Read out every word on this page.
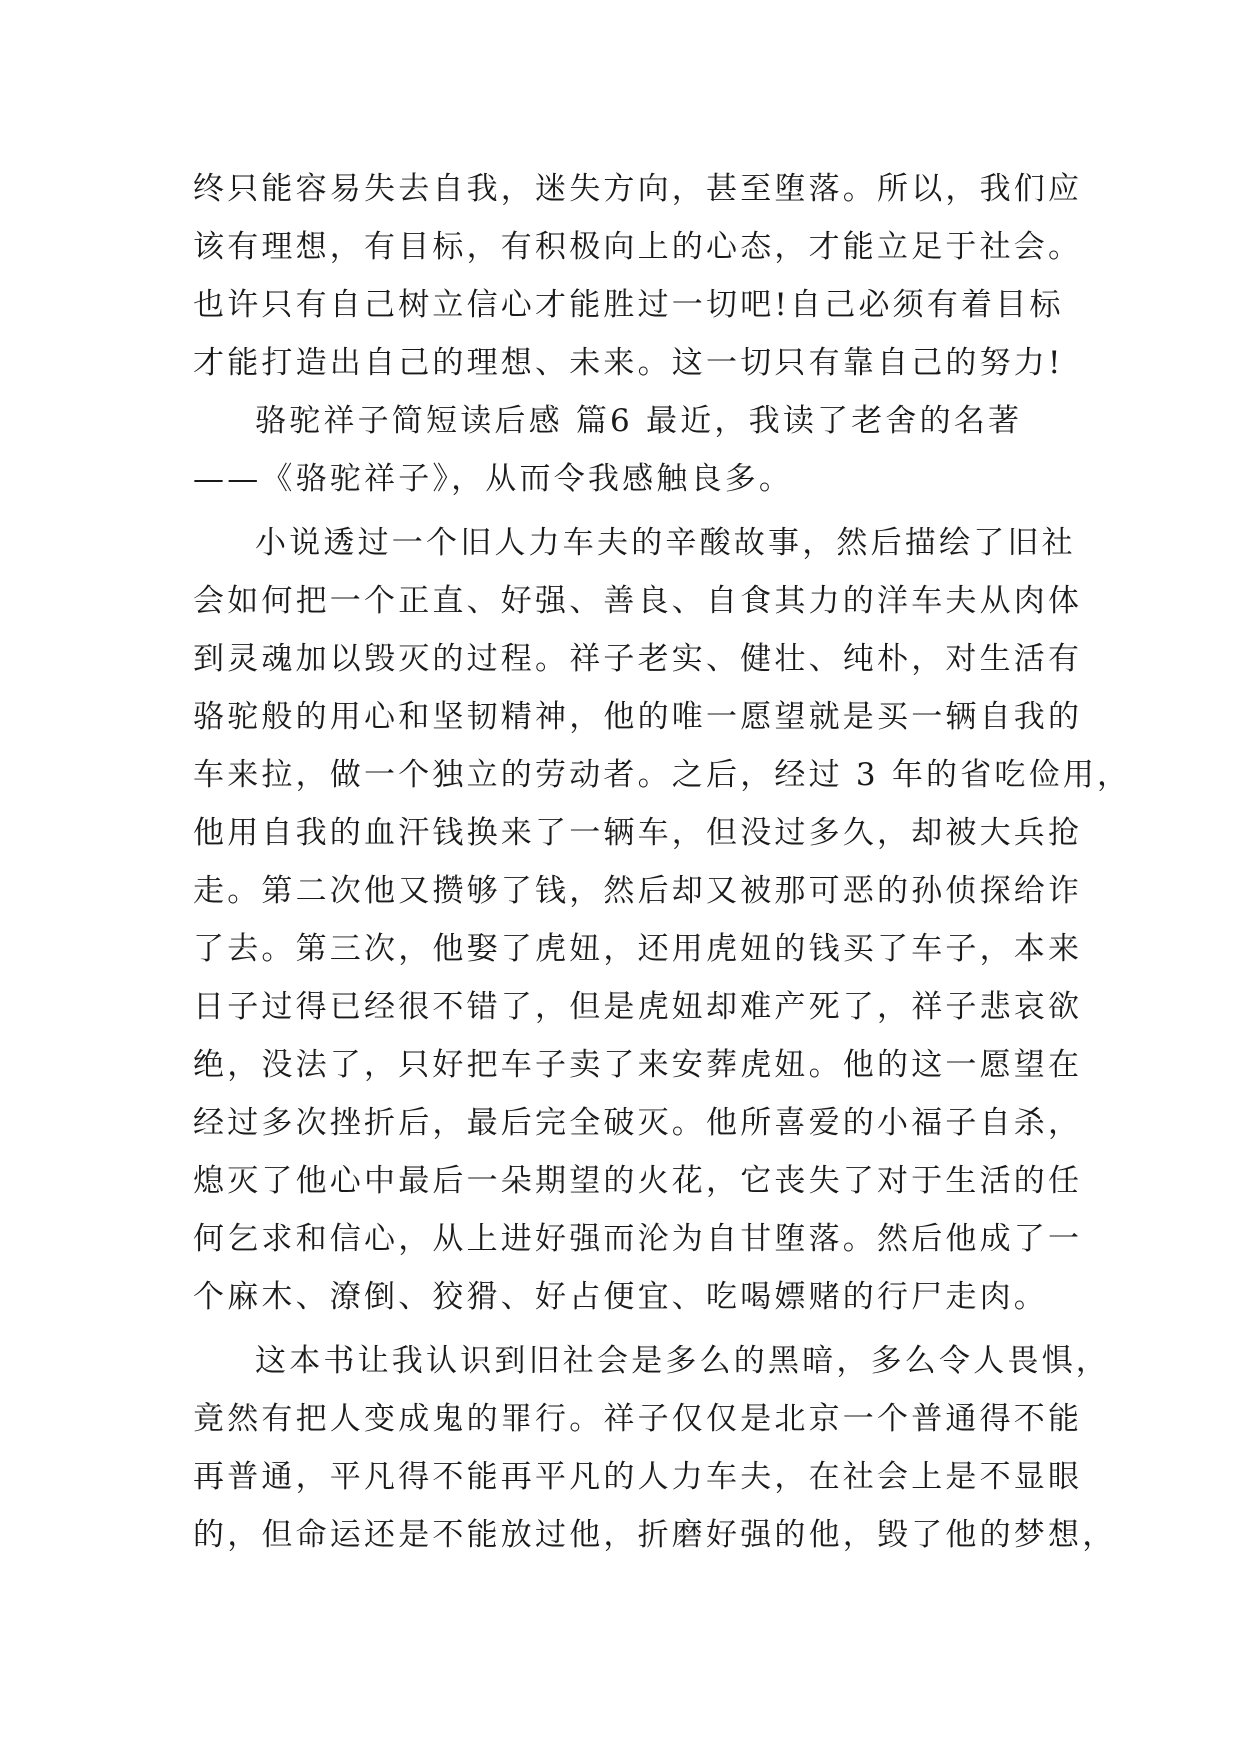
终只能容易失去自我，迷失方向，甚至堕落。所以，我们应
该有理想，有目标，有积极向上的心态，才能立足于社会。
也许只有自己树立信心才能胜过一切吧!自己必须有着目标
才能打造出自己的理想、未来。这一切只有靠自己的努力!
骆驼祥子简短读后感 篇6 最近，我读了老舍的名著
——《骆驼祥子》，从而令我感触良多。
小说透过一个旧人力车夫的辛酸故事，然后描绘了旧社
会如何把一个正直、好强、善良、自食其力的洋车夫从肉体
到灵魂加以毁灭的过程。祥子老实、健壮、纯朴，对生活有
骆驼般的用心和坚韧精神，他的唯一愿望就是买一辆自我的
车来拉，做一个独立的劳动者。之后，经过 3 年的省吃俭用，
他用自我的血汗钱换来了一辆车，但没过多久，却被大兵抢
走。第二次他又攒够了钱，然后却又被那可恶的孙侦探给诈
了去。第三次，他娶了虎妞，还用虎妞的钱买了车子，本来
日子过得已经很不错了，但是虎妞却难产死了，祥子悲哀欲
绝，没法了，只好把车子卖了来安葬虎妞。他的这一愿望在
经过多次挫折后，最后完全破灭。他所喜爱的小福子自杀，
熄灭了他心中最后一朵期望的火花，它丧失了对于生活的任
何乞求和信心，从上进好强而沦为自甘堕落。然后他成了一
个麻木、潦倒、狡猾、好占便宜、吃喝嫖赌的行尸走肉。
这本书让我认识到旧社会是多么的黑暗，多么令人畏惧，
竟然有把人变成鬼的罪行。祥子仅仅是北京一个普通得不能
再普通，平凡得不能再平凡的人力车夫，在社会上是不显眼
的，但命运还是不能放过他，折磨好强的他，毁了他的梦想，
